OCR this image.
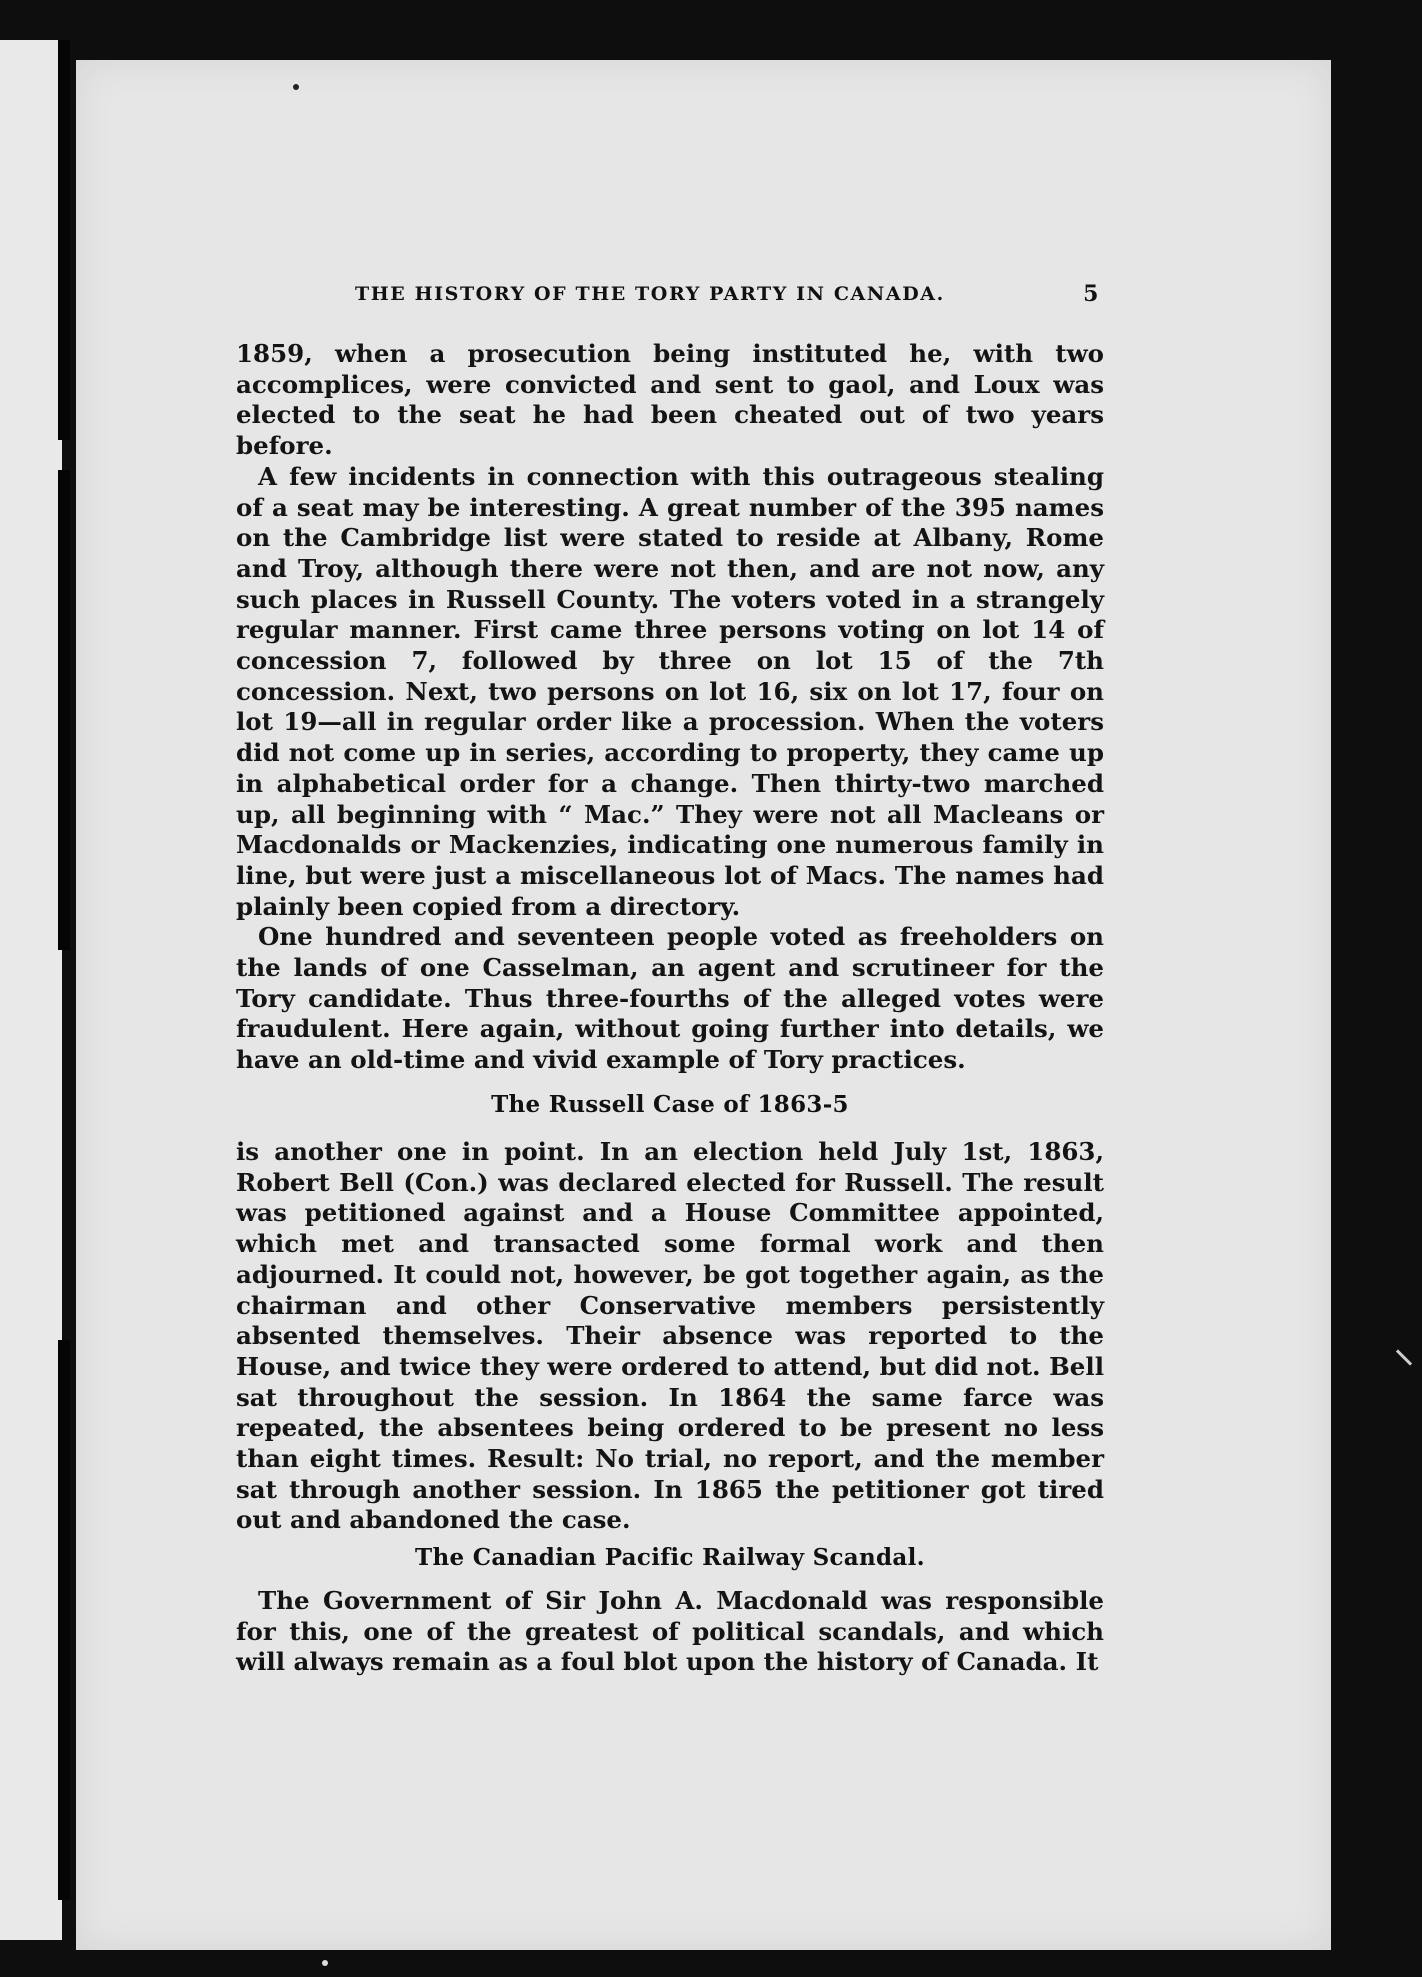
THE HISTORY OF THE TORY PARTY IN CANADA.	5

1859, when a prosecution being instituted he, with two accomplices, were convicted and sent to gaol, and Loux was elected to the seat he had been cheated out of two years before.

A few incidents in connection with this outrageous stealing of a seat may be interesting. A great number of the 395 names on the Cambridge list were stated to reside at Albany, Rome and Troy, although there were not then, and are not now, any such places in Russell County. The voters voted in a strangely regular manner. First came three persons voting on lot 14 of concession 7, followed by three on lot 15 of the 7th concession. Next, two persons on lot 16, six on lot 17, four on lot 19—all in regular order like a procession. When the voters did not come up in series, according to property, they came up in alphabetical order for a change. Then thirty-two marched up, all beginning with “ Mac.” They were not all Macleans or Macdonalds or Mackenzies, indicating one numerous family in line, but were just a miscellaneous lot of Macs. The names had plainly been copied from a directory.

One hundred and seventeen people voted as freeholders on the lands of one Casselman, an agent and scrutineer for the Tory candidate. Thus three-fourths of the alleged votes were fraudulent. Here again, without going further into details, we have an old-time and vivid example of Tory practices.

The Russell Case of 1863-5

is another one in point. In an election held July 1st, 1863, Robert Bell (Con.) was declared elected for Russell. The result was petitioned against and a House Committee appointed, which met and transacted some formal work and then adjourned. It could not, however, be got together again, as the chairman and other Conservative members persistently absented themselves. Their absence was reported to the House, and twice they were ordered to attend, but did not. Bell sat throughout the session. In 1864 the same farce was repeated, the absentees being ordered to be present no less than eight times. Result: No trial, no report, and the member sat through another session. In 1865 the petitioner got tired out and abandoned the case.

The Canadian Pacific Railway Scandal.

The Government of Sir John A. Macdonald was responsible for this, one of the greatest of political scandals, and which will always remain as a foul blot upon the history of Canada. It
